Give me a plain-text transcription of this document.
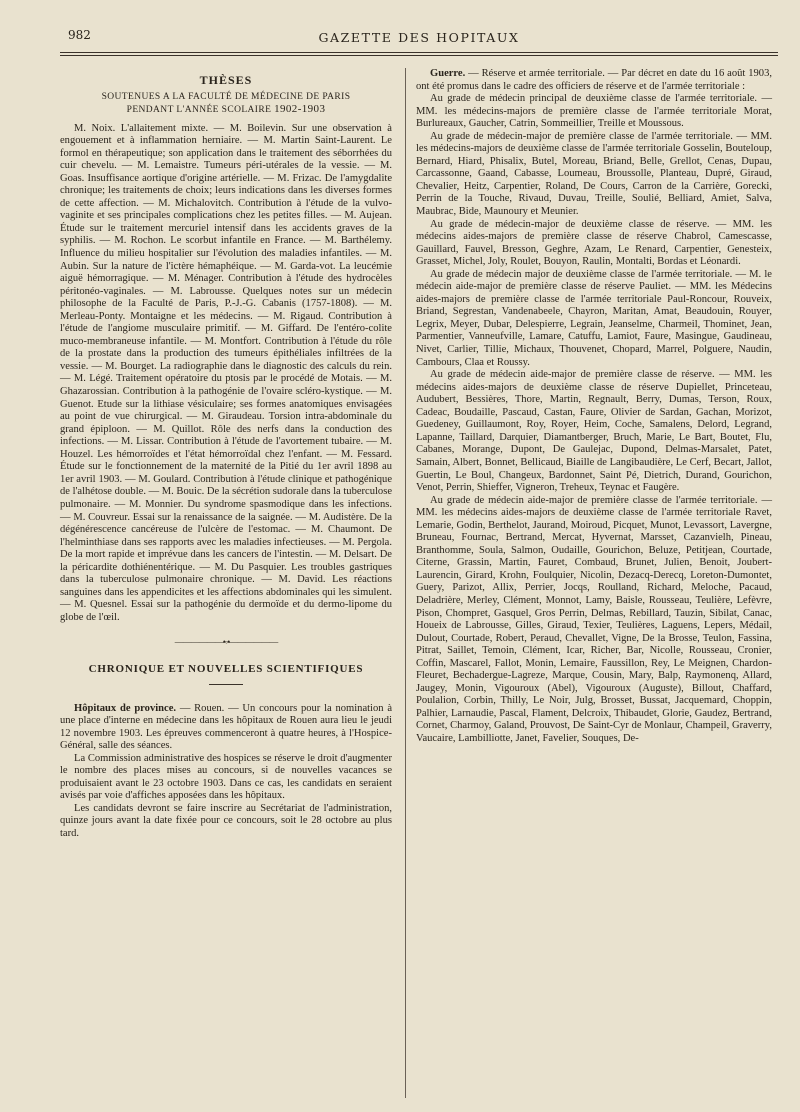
982	GAZETTE DES HOPITAUX
THÈSES
SOUTENUES A LA FACULTÉ DE MÉDECINE DE PARIS
PENDANT L'ANNÉE SCOLAIRE 1902-1903

M. Noix. L'allaitement mixte. — M. Boilevin. Sur une observation à engouement et à inflammation herniaire. — M. Martin Saint-Laurent. Le formol en thérapeutique; son application dans le traitement des séborrhées du cuir chevelu. — M. Lemaistre. Tumeurs péri-utérales de la vessie. — M. Goas. Insuffisance aortique d'origine artérielle. — M. Frizac. De l'amygdalite chronique; les traitements de choix; leurs indications dans les diverses formes de cette affection. — M. Michalovitch. Contribution à l'étude de la vulvo-vaginite et ses principales complications chez les petites filles. — M. Aujean. Étude sur le traitement mercuriel intensif dans les accidents graves de la syphilis. — M. Rochon. Le scorbut infantile en France. — M. Barthélemy. Influence du milieu hospitalier sur l'évolution des maladies infantiles. — M. Aubin. Sur la nature de l'ictère hémaphéique. — M. Garda-vot. La leucémie aiguë hémorragique. — M. Ménager. Contribution à l'étude des hydrocèles péritonéo-vaginales. — M. Labrousse. Quelques notes sur un médecin philosophe de la Faculté de Paris, P.-J.-G. Cabanis (1757-1808). — M. Merleau-Ponty. Montaigne et les médecins. — M. Rigaud. Contribution à l'étude de l'angiome musculaire primitif. — M. Giffard. De l'entéro-colite muco-membraneuse infantile. — M. Montfort. Contribution à l'étude du rôle de la prostate dans la production des tumeurs épithéliales infiltrées de la vessie. — M. Bourget. La radiographie dans le diagnostic des calculs du rein. — M. Légé. Traitement opératoire du ptosis par le procédé de Motais. — M. Ghazarossian. Contribution à la pathogénie de l'ovaire scléro-kystique. — M. Guenot. Etude sur la lithiase vésiculaire; ses formes anatomiques envisagées au point de vue chirurgical. — M. Giraudeau. Torsion intra-abdominale du grand épiploon. — M. Quillot. Rôle des nerfs dans la conduction des infections. — M. Lissar. Contribution à l'étude de l'avortement tubaire. — M. Houzel. Les hémorroïdes et l'état hémorroïdal chez l'enfant. — M. Fessard. Étude sur le fonctionnement de la maternité de la Pitié du 1er avril 1898 au 1er avril 1903. — M. Goulard. Contribution à l'étude clinique et pathogénique de l'alhétose double. — M. Bouic. De la sécrétion sudorale dans la tuberculose pulmonaire. — M. Monnier. Du syndrome spasmodique dans les infections. — M. Couvreur. Essai sur la renaissance de la saignée. — M. Audistère. De la dégénérescence cancéreuse de l'ulcère de l'estomac. — M. Chaumont. De l'helminthiase dans ses rapports avec les maladies infectieuses. — M. Pergola. De la mort rapide et imprévue dans les cancers de l'intestin. — M. Delsart. De la péricardite dothiénentérique. — M. Du Pasquier. Les troubles gastriques dans la tuberculose pulmonaire chronique. — M. David. Les réactions sanguines dans les appendicites et les affections abdominales qui les simulent. — M. Quesnel. Essai sur la pathogénie du dermoïde et du dermo-lipome du globe de l'œil.

——————•◦•——————
CHRONIQUE ET NOUVELLES SCIENTIFIQUES

Hôpitaux de province. — Rouen. — Un concours pour la nomination à une place d'interne en médecine dans les hôpitaux de Rouen aura lieu le jeudi 12 novembre 1903. Les épreuves commenceront à quatre heures, à l'Hospice-Général, salle des séances.

La Commission administrative des hospices se réserve le droit d'augmenter le nombre des places mises au concours, si de nouvelles vacances se produisaient avant le 23 octobre 1903. Dans ce cas, les candidats en seraient avisés par voie d'affiches apposées dans les hôpitaux.

Les candidats devront se faire inscrire au Secrétariat de l'administration, quinze jours avant la date fixée pour ce concours, soit le 28 octobre au plus tard.

Guerre. — Réserve et armée territoriale. — Par décret en date du 16 août 1903, ont été promus dans le cadre des officiers de réserve et de l'armée territoriale :

Au grade de médecin principal de deuxième classe de l'armée territoriale. — MM. les médecins-majors de première classe de l'armée territoriale Morat, Burlureaux, Gaucher, Catrin, Sommeillier, Treille et Moussous.

Au grade de médecin-major de première classe de l'armée territoriale. — MM. les médecins-majors de deuxième classe de l'armée territoriale Gosselin, Bouteloup, Bernard, Hiard, Phisalix, Butel, Moreau, Briand, Belle, Grellot, Cenas, Dupau, Carcassonne, Gaand, Cabasse, Loumeau, Broussolle, Planteau, Dupré, Giraud, Chevalier, Heitz, Carpentier, Roland, De Cours, Carron de la Carrière, Gorecki, Perrin de la Touche, Rivaud, Duvau, Treille, Soulié, Belliard, Amiet, Salva, Maubrac, Bide, Maunoury et Meunier.

Au grade de médecin-major de deuxième classe de réserve. — MM. les médecins aides-majors de première classe de réserve Chabrol, Camescasse, Gauillard, Fauvel, Bresson, Geghre, Azam, Le Renard, Carpentier, Genesteix, Grasset, Michel, Joly, Roulet, Bouyon, Raulin, Montalti, Bordas et Léonardi.

Au grade de médecin major de deuxième classe de l'armée territoriale. — M. le médecin aide-major de première classe de réserve Pauliet. — MM. les Médecins aides-majors de première classe de l'armée territoriale Paul-Roncour, Rouveix, Briand, Segrestan, Vandenabeele, Chayron, Maritan, Amat, Beaudouin, Rouyer, Legrix, Meyer, Dubar, Delespierre, Legrain, Jeanselme, Charmeil, Thominet, Jean, Parmentier, Vanneufville, Lamare, Catuffu, Lamiot, Faure, Masingue, Gaudineau, Nivet, Carlier, Tillie, Michaux, Thouvenet, Chopard, Marrel, Polguere, Naudin, Cambours, Claa et Roussy.

Au grade de médecin aide-major de première classe de réserve. — MM. les médecins aides-majors de deuxième classe de réserve Dupiellet, Princeteau, Audubert, Bessières, Thore, Martin, Regnault, Berry, Dumas, Terson, Roux, Cadeac, Boudaille, Pascaud, Castan, Faure, Olivier de Sardan, Gachan, Morizot, Guedeney, Guillaumont, Roy, Royer, Heim, Coche, Samalens, Delord, Legrand, Lapanne, Taillard, Darquier, Diamantberger, Bruch, Marie, Le Bart, Boutet, Flu, Cabanes, Morange, Dupont, De Gaulejac, Dupond, Delmas-Marsalet, Patet, Samain, Albert, Bonnet, Bellicaud, Biaille de Langibaudière, Le Cerf, Becart, Jallot, Guertin, Le Boul, Changeux, Bardonnet, Saint Pé, Dietrich, Durand, Gourichon, Venot, Perrin, Shieffer, Vigneron, Treheux, Teynac et Faugère.

Au grade de médecin aide-major de première classe de l'armée territoriale. — MM. les médecins aides-majors de deuxième classe de l'armée territoriale Ravet, Lemarie, Godin, Berthelot, Jaurand, Moiroud, Picquet, Munot, Levassort, Lavergne, Bruneau, Fournac, Bertrand, Mercat, Hyvernat, Marsset, Cazanvielh, Pineau, Branthomme, Soula, Salmon, Oudaille, Gourichon, Beluze, Petitjean, Courtade, Citerne, Grassin, Martin, Fauret, Combaud, Brunet, Julien, Benoit, Joubert-Laurencin, Girard, Krohn, Foulquier, Nicolin, Dezacq-Derecq, Loreton-Dumontet, Guery, Parizot, Allix, Perrier, Jocqs, Roulland, Richard, Meloche, Pacaud, Deladrière, Merley, Clément, Monnot, Lamy, Baisle, Rousseau, Teulière, Lefèvre, Pison, Chompret, Gasquel, Gros Perrin, Delmas, Rebillard, Tauzin, Sibilat, Canac, Houeix de Labrousse, Gilles, Giraud, Texier, Teulières, Laguens, Lepers, Médail, Dulout, Courtade, Robert, Peraud, Chevallet, Vigne, De la Brosse, Teulon, Fassina, Pitrat, Saillet, Temoin, Clément, Icar, Richer, Bar, Nicolle, Rousseau, Cronier, Coffin, Mascarel, Fallot, Monin, Lemaire, Faussillon, Rey, Le Meignen, Chardon-Fleuret, Bechadergue-Lagreze, Marque, Cousin, Mary, Balp, Raymonenq, Allard, Jaugey, Monin, Vigouroux (Abel), Vigouroux (Auguste), Billout, Chaffard, Poulalion, Corbin, Thilly, Le Noir, Julg, Brosset, Bussat, Jacquemard, Choppin, Palhier, Larnaudie, Pascal, Flament, Delcroix, Thibaudet, Glorie, Gaudez, Bertrand, Cornet, Charmoy, Galand, Prouvost, De Saint-Cyr de Monlaur, Champeil, Graverry, Vaucaire, Lambilliotte, Janet, Favelier, Souques, De-
